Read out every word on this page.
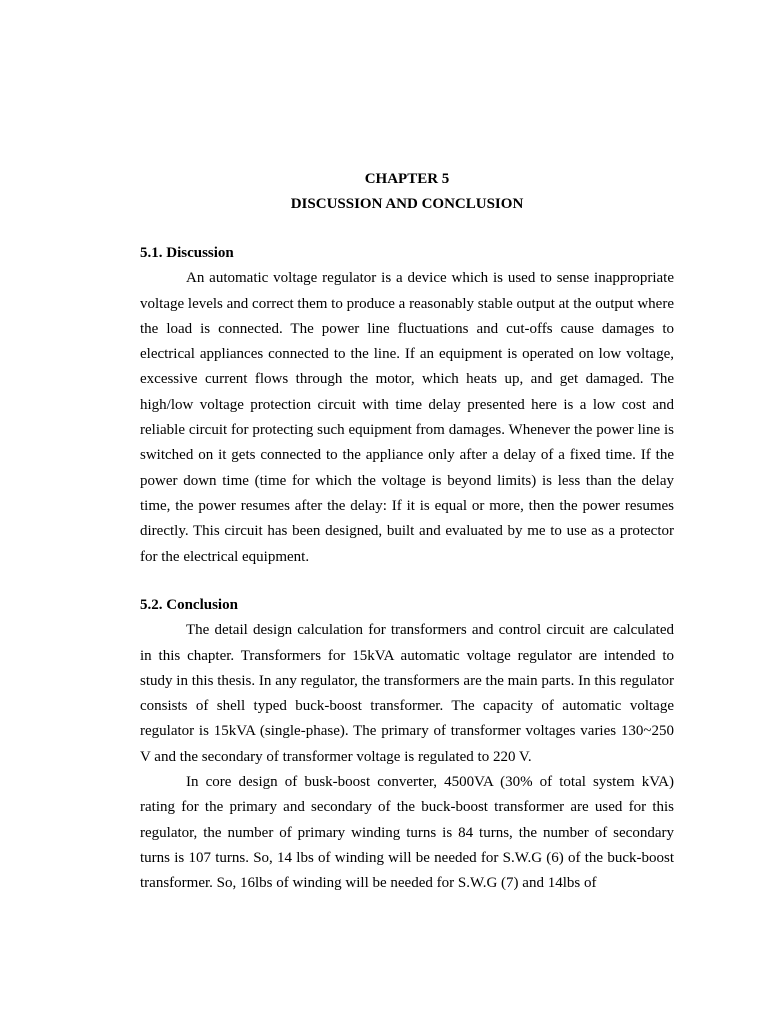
CHAPTER 5
DISCUSSION AND CONCLUSION

5.1. Discussion

An automatic voltage regulator is a device which is used to sense inappropriate voltage levels and correct them to produce a reasonably stable output at the output where the load is connected. The power line fluctuations and cut-offs cause damages to electrical appliances connected to the line. If an equipment is operated on low voltage, excessive current flows through the motor, which heats up, and get damaged. The high/low voltage protection circuit with time delay presented here is a low cost and reliable circuit for protecting such equipment from damages. Whenever the power line is switched on it gets connected to the appliance only after a delay of a fixed time. If the power down time (time for which the voltage is beyond limits) is less than the delay time, the power resumes after the delay: If it is equal or more, then the power resumes directly. This circuit has been designed, built and evaluated by me to use as a protector for the electrical equipment.

5.2. Conclusion

The detail design calculation for transformers and control circuit are calculated in this chapter. Transformers for 15kVA automatic voltage regulator are intended to study in this thesis. In any regulator, the transformers are the main parts. In this regulator consists of shell typed buck-boost transformer. The capacity of automatic voltage regulator is 15kVA (single-phase). The primary of transformer voltages varies 130~250 V and the secondary of transformer voltage is regulated to 220 V.

In core design of busk-boost converter, 4500VA (30% of total system kVA) rating for the primary and secondary of the buck-boost transformer are used for this regulator, the number of primary winding turns is 84 turns, the number of secondary turns is 107 turns. So, 14 lbs of winding will be needed for S.W.G (6) of the buck-boost transformer. So, 16lbs of winding will be needed for S.W.G (7) and 14lbs of
